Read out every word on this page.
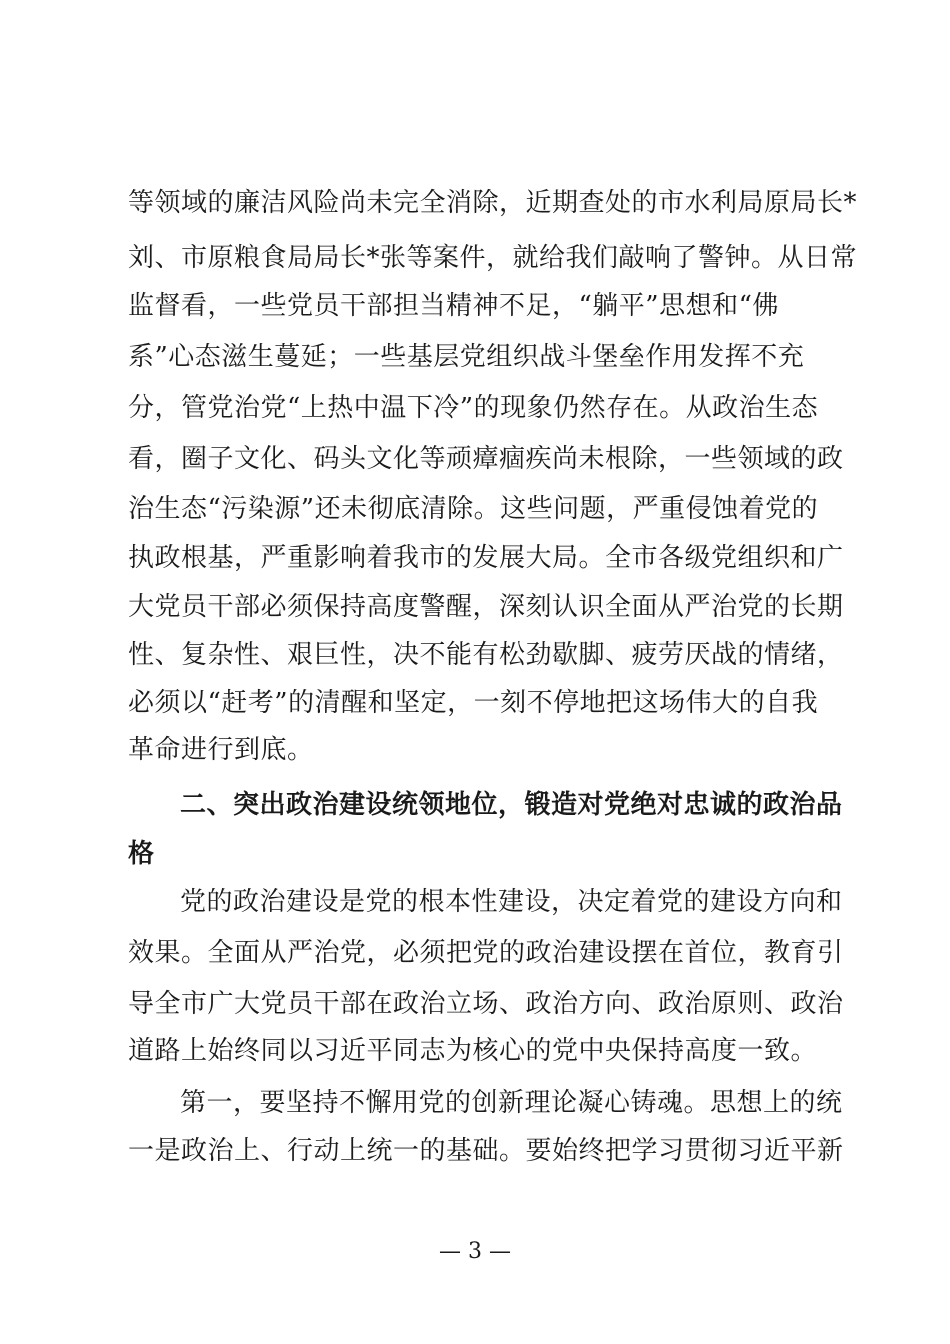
等领域的廉洁风险尚未完全消除，近期查处的市水利局原局长*
刘、市原粮食局局长*张等案件，就给我们敲响了警钟。从日常
监督看，一些党员干部担当精神不足，“躺平”思想和“佛
系”心态滋生蔓延；一些基层党组织战斗堡垒作用发挥不充
分，管党治党“上热中温下冷”的现象仍然存在。从政治生态
看，圈子文化、码头文化等顽瘴痼疾尚未根除，一些领域的政
治生态“污染源”还未彻底清除。这些问题，严重侵蚀着党的
执政根基，严重影响着我市的发展大局。全市各级党组织和广
大党员干部必须保持高度警醒，深刻认识全面从严治党的长期
性、复杂性、艰巨性，决不能有松劲歇脚、疲劳厌战的情绪，
必须以“赶考”的清醒和坚定，一刻不停地把这场伟大的自我
革命进行到底。
二、突出政治建设统领地位，锻造对党绝对忠诚的政治品
格
党的政治建设是党的根本性建设，决定着党的建设方向和
效果。全面从严治党，必须把党的政治建设摆在首位，教育引
导全市广大党员干部在政治立场、政治方向、政治原则、政治
道路上始终同以习近平同志为核心的党中央保持高度一致。
第一，要坚持不懈用党的创新理论凝心铸魂。思想上的统
一是政治上、行动上统一的基础。要始终把学习贯彻习近平新
— 3 —
